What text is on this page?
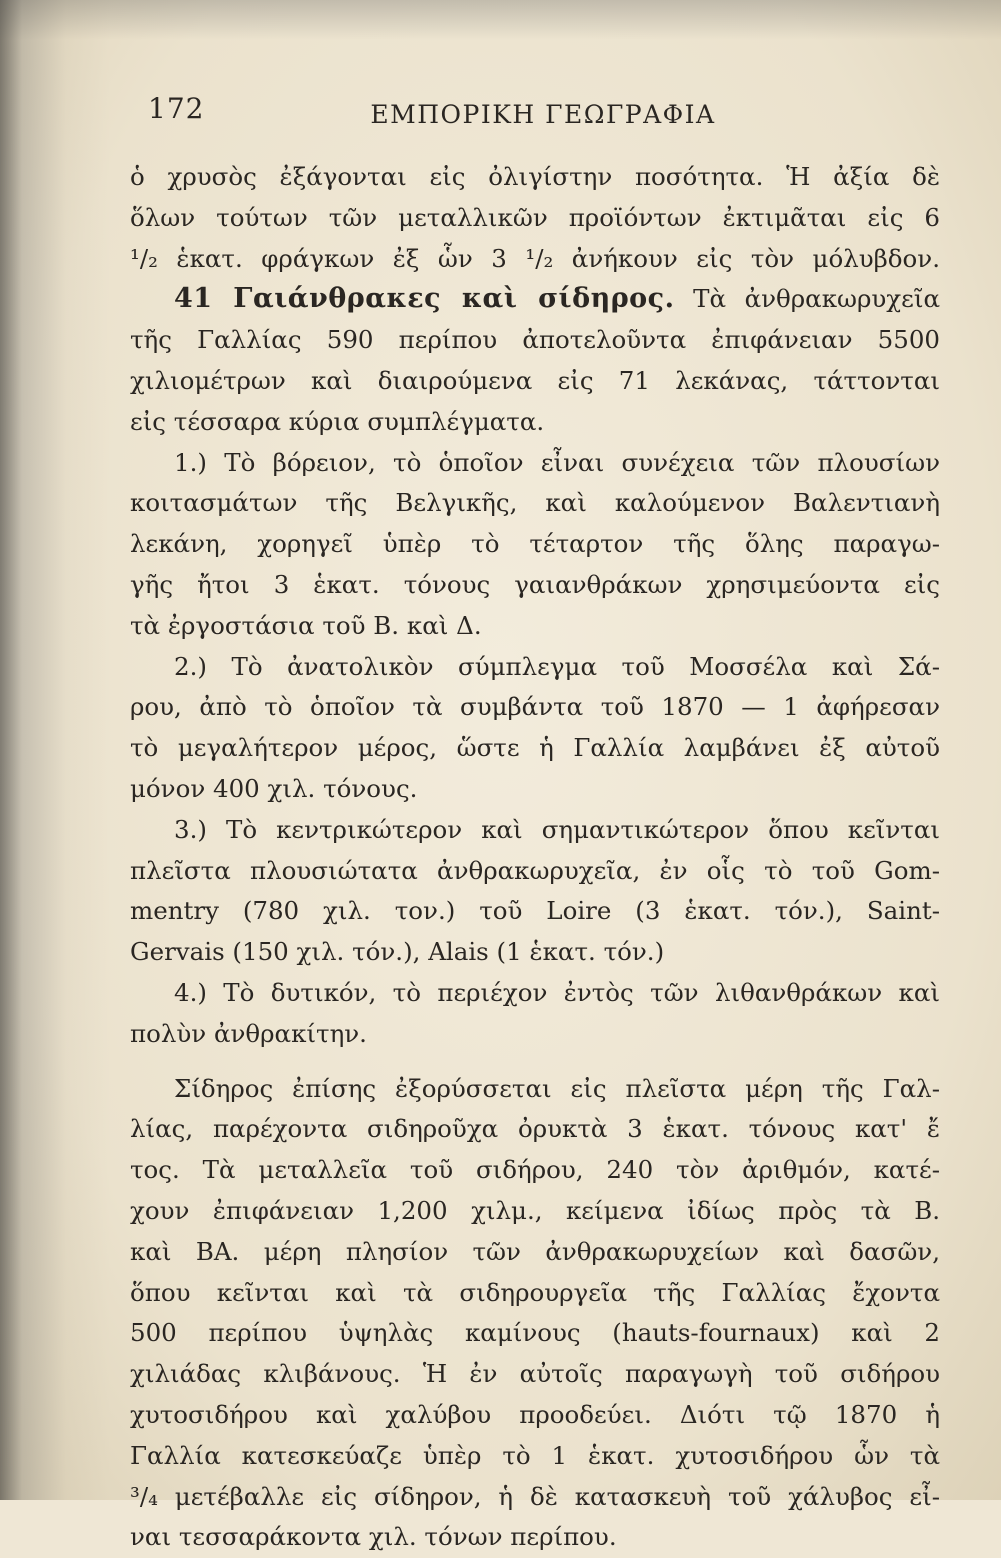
172	ΕΜΠΟΡΙΚΗ ΓΕΩΓΡΑΦΙΑ
ὁ χρυσὸς ἐξάγονται εἰς ὀλιγίστην ποσότητα. Ἡ ἀξία δὲ
ὅλων τούτων τῶν μεταλλικῶν προϊόντων ἐκτιμᾶται εἰς 6
¹/₂ ἑκατ. φράγκων ἐξ ὧν 3 ¹/₂ ἀνήκουν εἰς τὸν μόλυβδον.
41 Γαιάνθρακες καὶ σίδηρος. Τὰ ἀνθρακωρυχεῖα
τῆς Γαλλίας 590 περίπου ἀποτελοῦντα ἐπιφάνειαν 5500
χιλιομέτρων καὶ διαιρούμενα εἰς 71 λεκάνας, τάττονται
εἰς τέσσαρα κύρια συμπλέγματα.
1.) Τὸ βόρειον, τὸ ὁποῖον εἶναι συνέχεια τῶν πλουσίων
κοιτασμάτων τῆς Βελγικῆς, καὶ καλούμενον Βαλεντιανὴ
λεκάνη, χορηγεῖ ὑπὲρ τὸ τέταρτον τῆς ὅλης παραγω-
γῆς ἤτοι 3 ἑκατ. τόνους γαιανθράκων χρησιμεύοντα εἰς
τὰ ἐργοστάσια τοῦ Β. καὶ Δ.
2.) Τὸ ἀνατολικὸν σύμπλεγμα τοῦ Μοσσέλα καὶ Σά-
ρου, ἀπὸ τὸ ὁποῖον τὰ συμβάντα τοῦ 1870 — 1 ἀφήρεσαν
τὸ μεγαλήτερον μέρος, ὥστε ἡ Γαλλία λαμβάνει ἐξ αὐτοῦ
μόνον 400 χιλ. τόνους.
3.) Τὸ κεντρικώτερον καὶ σημαντικώτερον ὅπου κεῖνται
πλεῖστα πλουσιώτατα ἀνθρακωρυχεῖα, ἐν οἷς τὸ τοῦ Gom-
mentry (780 χιλ. τον.) τοῦ Loire (3 ἑκατ. τόν.), Saint-
Gervais (150 χιλ. τόν.), Alais (1 ἑκατ. τόν.)
4.) Τὸ δυτικόν, τὸ περιέχον ἐντὸς τῶν λιθανθράκων καὶ
πολὺν ἀνθρακίτην.
Σίδηρος ἐπίσης ἐξορύσσεται εἰς πλεῖστα μέρη τῆς Γαλ-
λίας, παρέχοντα σιδηροῦχα ὀρυκτὰ 3 ἑκατ. τόνους κατ' ἔ
τος. Τὰ μεταλλεῖα τοῦ σιδήρου, 240 τὸν ἀριθμόν, κατέ-
χουν ἐπιφάνειαν 1,200 χιλμ., κείμενα ἰδίως πρὸς τὰ Β.
καὶ ΒΑ. μέρη πλησίον τῶν ἀνθρακωρυχείων καὶ δασῶν,
ὅπου κεῖνται καὶ τὰ σιδηρουργεῖα τῆς Γαλλίας ἔχοντα
500 περίπου ὑψηλὰς καμίνους (hauts-fournaux) καὶ 2
χιλιάδας κλιβάνους. Ἡ ἐν αὐτοῖς παραγωγὴ τοῦ σιδήρου
χυτοσιδήρου καὶ χαλύβου προοδεύει. Διότι τῷ 1870 ἡ
Γαλλία κατεσκεύαζε ὑπὲρ τὸ 1 ἑκατ. χυτοσιδήρου ὧν τὰ
³/₄ μετέβαλλε εἰς σίδηρον, ἡ δὲ κατασκευὴ τοῦ χάλυβος εἶ-
ναι τεσσαράκοντα χιλ. τόνων περίπου.
